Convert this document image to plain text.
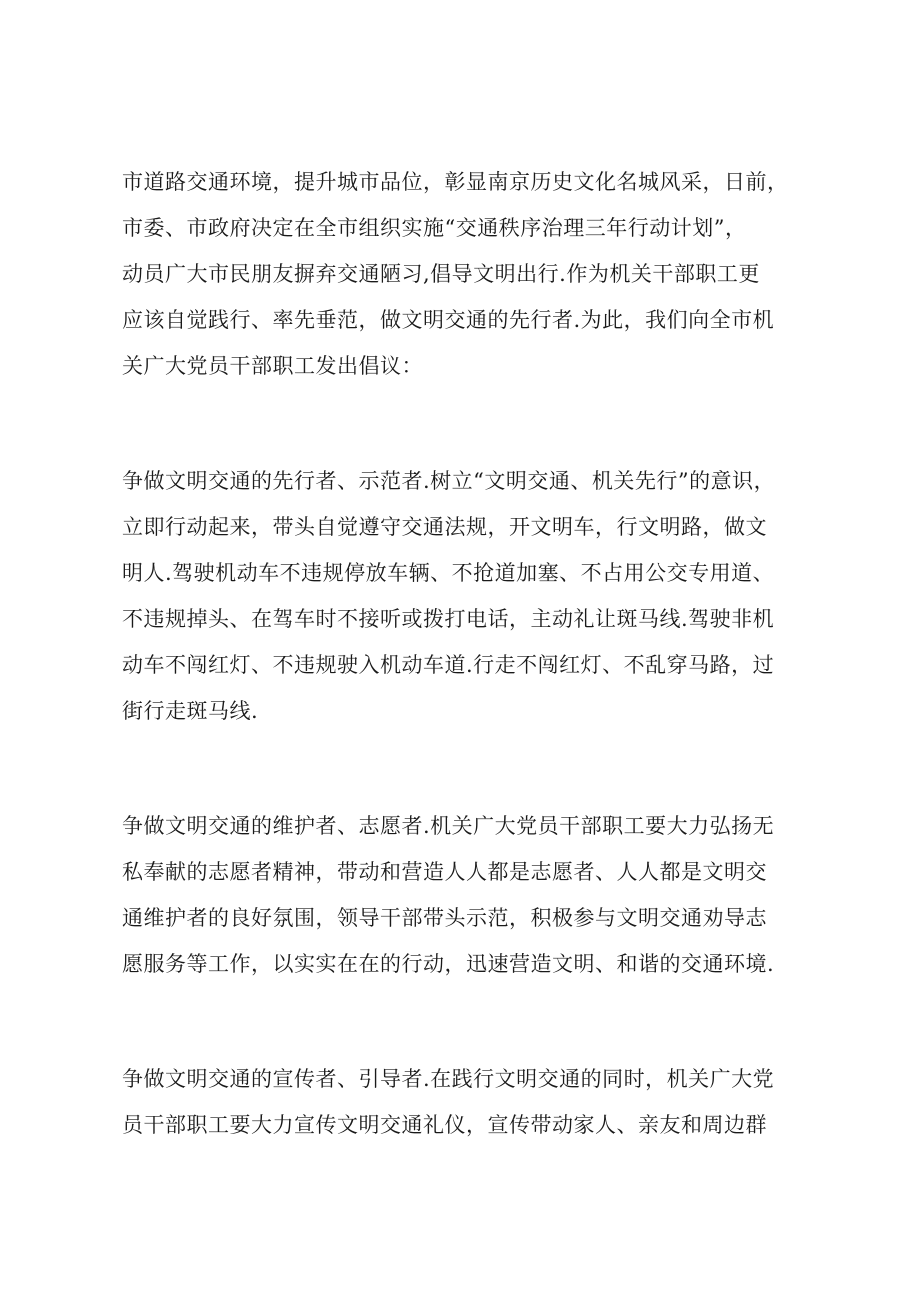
市道路交通环境，提升城市品位，彰显南京历史文化名城风采，日前，
市委、市政府决定在全市组织实施“交通秩序治理三年行动计划”，
动员广大市民朋友摒弃交通陋习,倡导文明出行.作为机关干部职工更
应该自觉践行、率先垂范，做文明交通的先行者.为此，我们向全市机
关广大党员干部职工发出倡议：

争做文明交通的先行者、示范者.树立“文明交通、机关先行”的意识，
立即行动起来，带头自觉遵守交通法规，开文明车，行文明路，做文
明人.驾驶机动车不违规停放车辆、不抢道加塞、不占用公交专用道、
不违规掉头、在驾车时不接听或拨打电话，主动礼让斑马线.驾驶非机
动车不闯红灯、不违规驶入机动车道.行走不闯红灯、不乱穿马路，过
街行走斑马线.

争做文明交通的维护者、志愿者.机关广大党员干部职工要大力弘扬无
私奉献的志愿者精神，带动和营造人人都是志愿者、人人都是文明交
通维护者的良好氛围，领导干部带头示范，积极参与文明交通劝导志
愿服务等工作，以实实在在的行动，迅速营造文明、和谐的交通环境.

争做文明交通的宣传者、引导者.在践行文明交通的同时，机关广大党
员干部职工要大力宣传文明交通礼仪，宣传带动家人、亲友和周边群
